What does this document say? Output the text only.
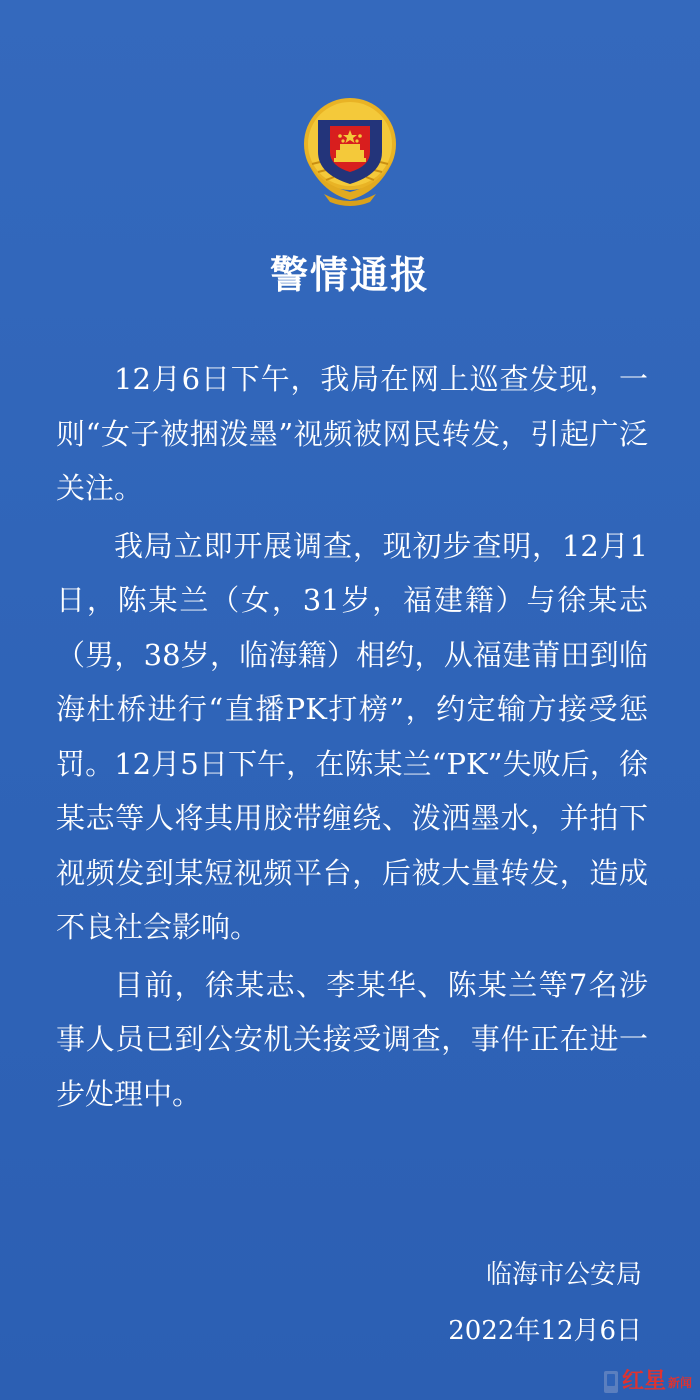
警情通报

12月6日下午，我局在网上巡查发现，一则“女子被捆泼墨”视频被网民转发，引起广泛关注。

我局立即开展调查，现初步查明，12月1日，陈某兰（女，31岁，福建籍）与徐某志（男，38岁，临海籍）相约，从福建莆田到临海杜桥进行“直播PK打榜”，约定输方接受惩罚。12月5日下午，在陈某兰“PK”失败后，徐某志等人将其用胶带缠绕、泼洒墨水，并拍下视频发到某短视频平台，后被大量转发，造成不良社会影响。

目前，徐某志、李某华、陈某兰等7名涉事人员已到公安机关接受调查，事件正在进一步处理中。

临海市公安局
2022年12月6日
红星 新闻
